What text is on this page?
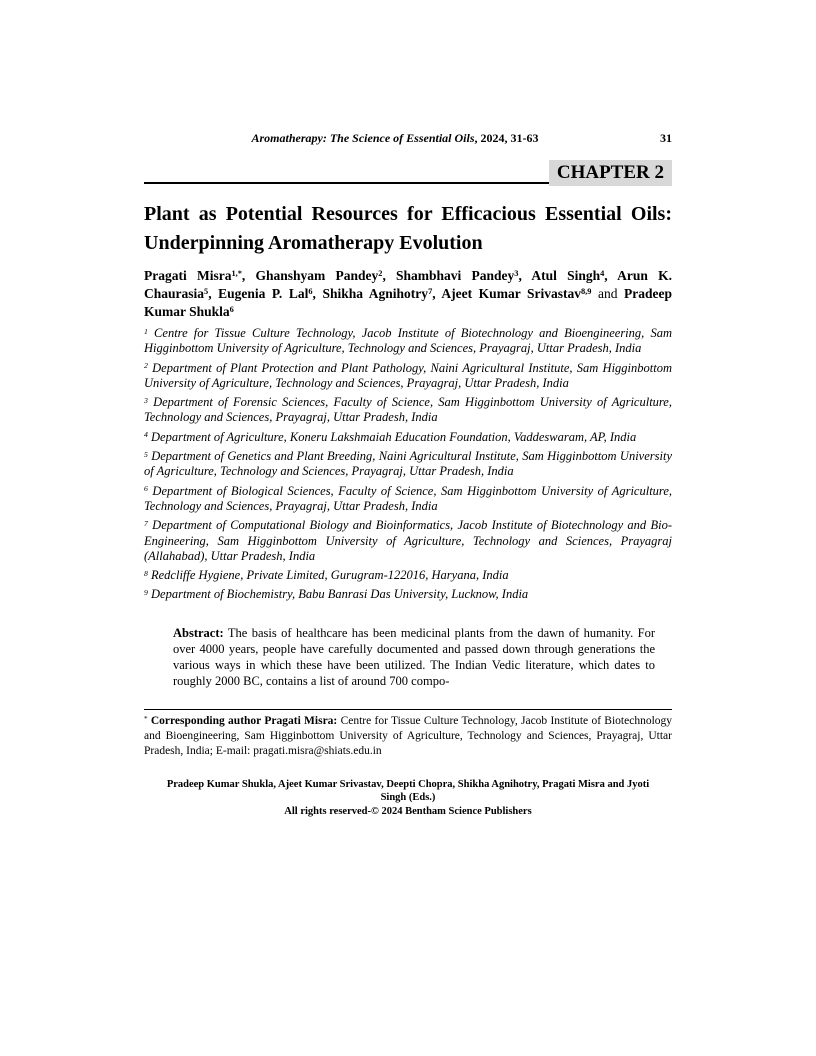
Aromatherapy: The Science of Essential Oils, 2024, 31-63	31
CHAPTER 2
Plant as Potential Resources for Efficacious Essential Oils: Underpinning Aromatherapy Evolution

Pragati Misra$^{1,*}$, Ghanshyam Pandey$^2$, Shambhavi Pandey$^3$, Atul Singh$^4$, Arun K. Chaurasia$^5$, Eugenia P. Lal$^6$, Shikha Agnihotry$^7$, Ajeet Kumar Srivastav$^{8,9}$ and Pradeep Kumar Shukla$^6$

$^1$ Centre for Tissue Culture Technology, Jacob Institute of Biotechnology and Bioengineering, Sam Higginbottom University of Agriculture, Technology and Sciences, Prayagraj, Uttar Pradesh, India

$^2$ Department of Plant Protection and Plant Pathology, Naini Agricultural Institute, Sam Higginbottom University of Agriculture, Technology and Sciences, Prayagraj, Uttar Pradesh, India

$^3$ Department of Forensic Sciences, Faculty of Science, Sam Higginbottom University of Agriculture, Technology and Sciences, Prayagraj, Uttar Pradesh, India

$^4$ Department of Agriculture, Koneru Lakshmaiah Education Foundation, Vaddeswaram, AP, India

$^5$ Department of Genetics and Plant Breeding, Naini Agricultural Institute, Sam Higginbottom University of Agriculture, Technology and Sciences, Prayagraj, Uttar Pradesh, India

$^6$ Department of Biological Sciences, Faculty of Science, Sam Higginbottom University of Agriculture, Technology and Sciences, Prayagraj, Uttar Pradesh, India

$^7$ Department of Computational Biology and Bioinformatics, Jacob Institute of Biotechnology and Bio-Engineering, Sam Higginbottom University of Agriculture, Technology and Sciences, Prayagraj (Allahabad), Uttar Pradesh, India

$^8$ Redcliffe Hygiene, Private Limited, Gurugram-122016, Haryana, India

$^9$ Department of Biochemistry, Babu Banrasi Das University, Lucknow, India

Abstract: The basis of healthcare has been medicinal plants from the dawn of humanity. For over 4000 years, people have carefully documented and passed down through generations the various ways in which these have been utilized. The Indian Vedic literature, which dates to roughly 2000 BC, contains a list of around 700 compo-

* Corresponding author Pragati Misra: Centre for Tissue Culture Technology, Jacob Institute of Biotechnology and Bioengineering, Sam Higginbottom University of Agriculture, Technology and Sciences, Prayagraj, Uttar Pradesh, India; E-mail: pragati.misra@shiats.edu.in

Pradeep Kumar Shukla, Ajeet Kumar Srivastav, Deepti Chopra, Shikha Agnihotry, Pragati Misra and Jyoti
Singh (Eds.)
All rights reserved-© 2024 Bentham Science Publishers
